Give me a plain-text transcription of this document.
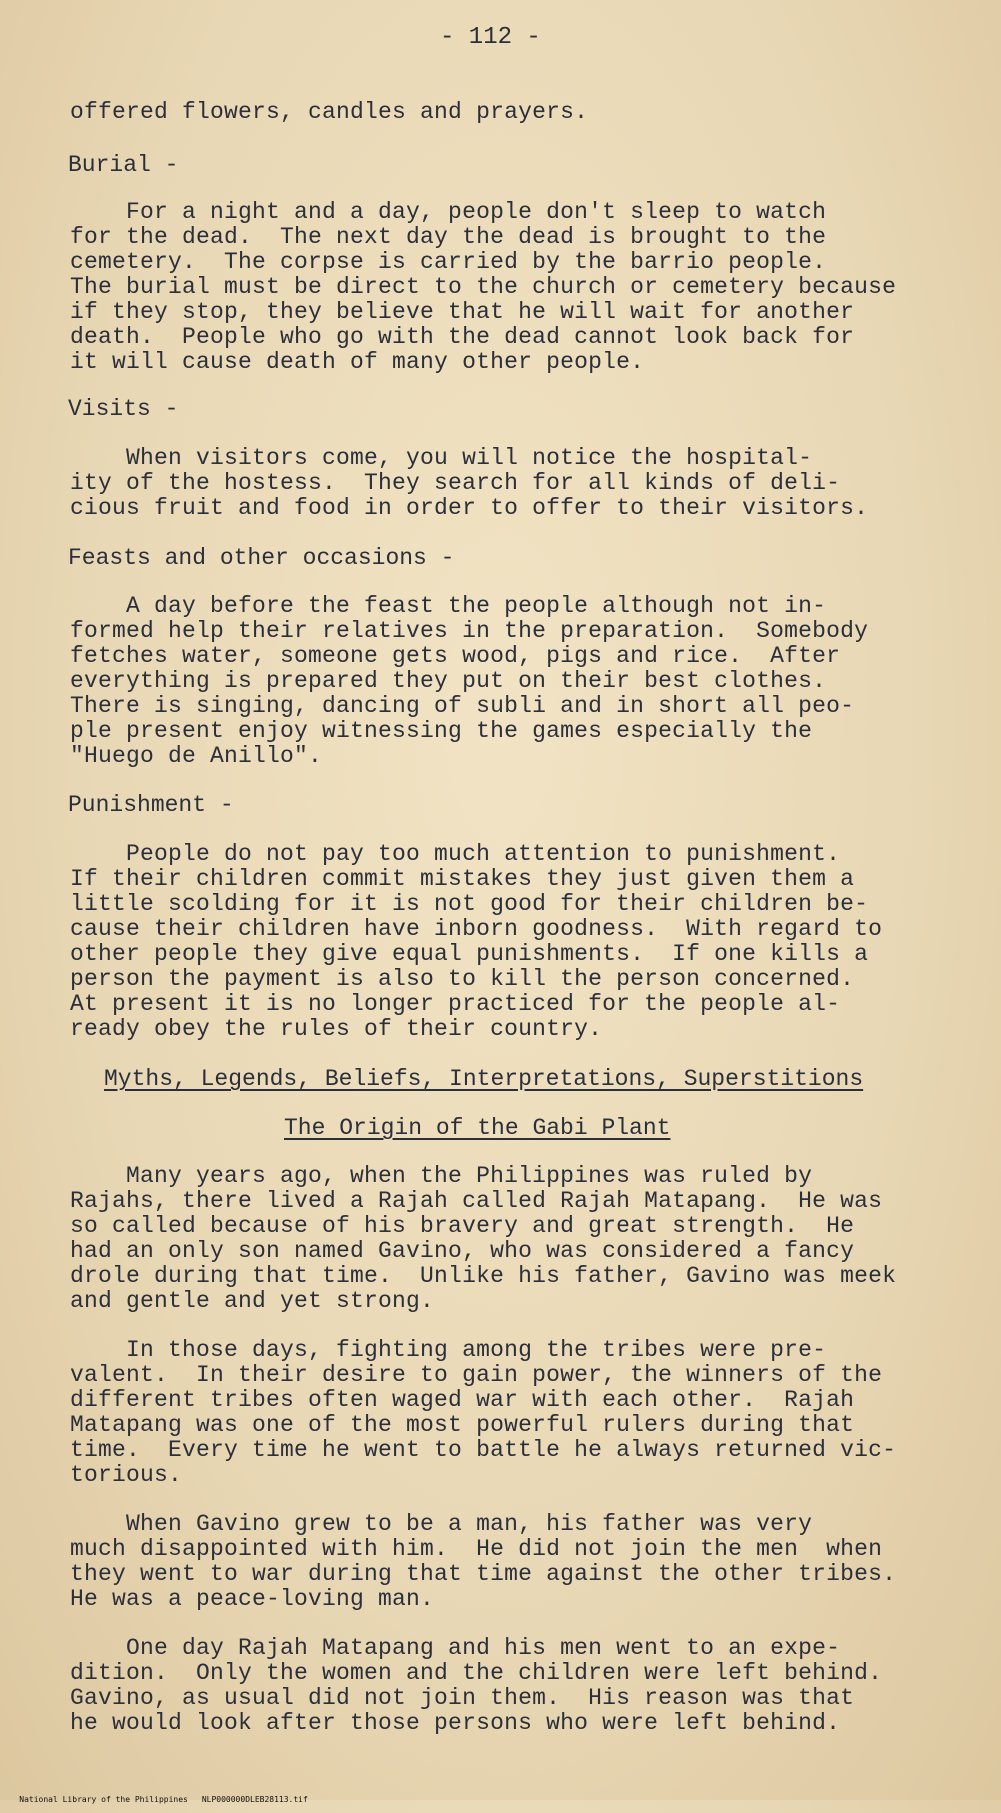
- 112 -
offered flowers, candles and prayers.
Burial -
For a night and a day, people don't sleep to watch
for the dead.  The next day the dead is brought to the
cemetery.  The corpse is carried by the barrio people.
The burial must be direct to the church or cemetery because
if they stop, they believe that he will wait for another
death.  People who go with the dead cannot look back for
it will cause death of many other people.
Visits -
When visitors come, you will notice the hospital-
ity of the hostess.  They search for all kinds of deli-
cious fruit and food in order to offer to their visitors.
Feasts and other occasions -
A day before the feast the people although not in-
formed help their relatives in the preparation.  Somebody
fetches water, someone gets wood, pigs and rice.  After
everything is prepared they put on their best clothes.
There is singing, dancing of subli and in short all peo-
ple present enjoy witnessing the games especially the
"Huego de Anillo".
Punishment -
People do not pay too much attention to punishment.
If their children commit mistakes they just given them a
little scolding for it is not good for their children be-
cause their children have inborn goodness.  With regard to
other people they give equal punishments.  If one kills a
person the payment is also to kill the person concerned.
At present it is no longer practiced for the people al-
ready obey the rules of their country.
Myths, Legends, Beliefs, Interpretations, Superstitions
The Origin of the Gabi Plant
Many years ago, when the Philippines was ruled by
Rajahs, there lived a Rajah called Rajah Matapang.  He was
so called because of his bravery and great strength.  He
had an only son named Gavino, who was considered a fancy
drole during that time.  Unlike his father, Gavino was meek
and gentle and yet strong.
In those days, fighting among the tribes were pre-
valent.  In their desire to gain power, the winners of the
different tribes often waged war with each other.  Rajah
Matapang was one of the most powerful rulers during that
time.  Every time he went to battle he always returned vic-
torious.
When Gavino grew to be a man, his father was very
much disappointed with him.  He did not join the men  when
they went to war during that time against the other tribes.
He was a peace-loving man.
One day Rajah Matapang and his men went to an expe-
dition.  Only the women and the children were left behind.
Gavino, as usual did not join them.  His reason was that
he would look after those persons who were left behind.

National Library of the Philippines NLP000000DLEB28113.tif
